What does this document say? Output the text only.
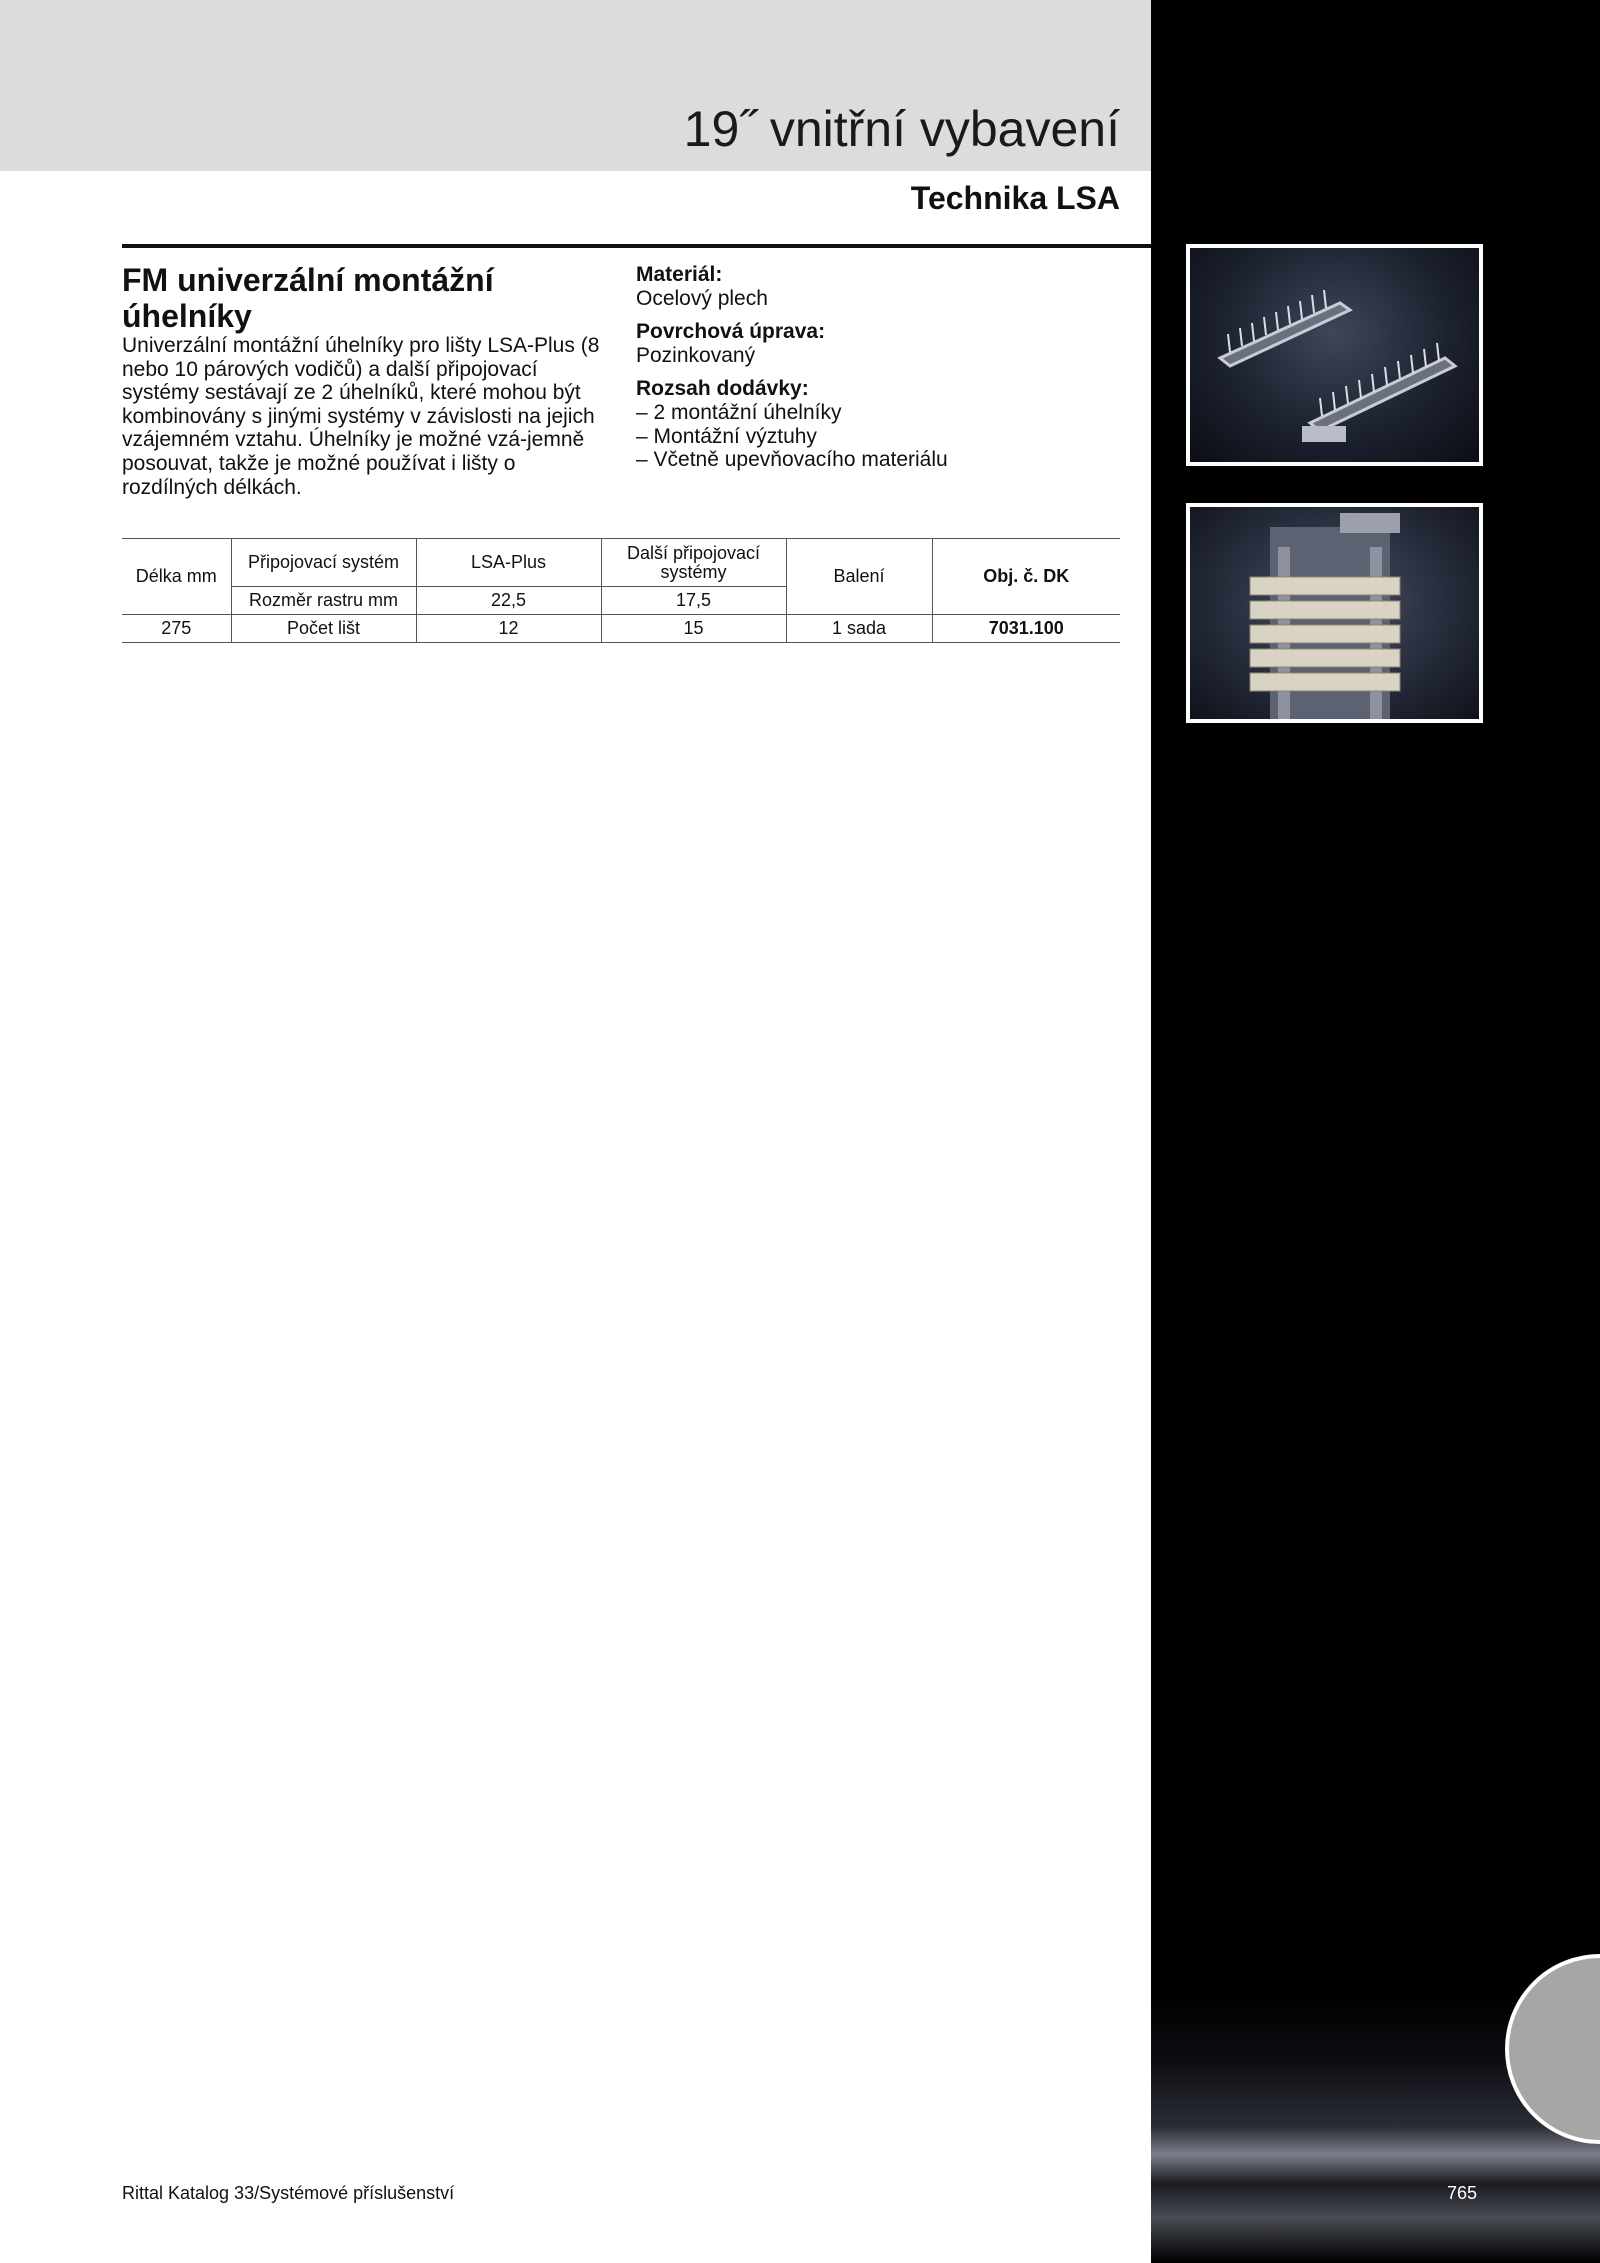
19˝ vnitřní vybavení
Technika LSA
FM univerzální montážní úhelníky
Univerzální montážní úhelníky pro lišty LSA-Plus (8 nebo 10 párových vodičů) a další připojovací systémy sestávají ze 2 úhelníků, které mohou být kombinovány s jinými systémy v závislosti na jejich vzájemném vztahu. Úhelníky je možné vzá-jemně posouvat, takže je možné používat i lišty o rozdílných délkách.
Materiál:
Ocelový plech
Povrchová úprava:
Pozinkovaný
Rozsah dodávky:
– 2 montážní úhelníky
– Montážní výztuhy
– Včetně upevňovacího materiálu
Délka mm	Připojovací systém	LSA-Plus	Další připojovací systémy	Balení	Obj. č. DK
	Rozměr rastru mm	22,5	17,5		
275	Počet lišt	12	15	1 sada	7031.100
Rittal Katalog 33/Systémové příslušenství	765
